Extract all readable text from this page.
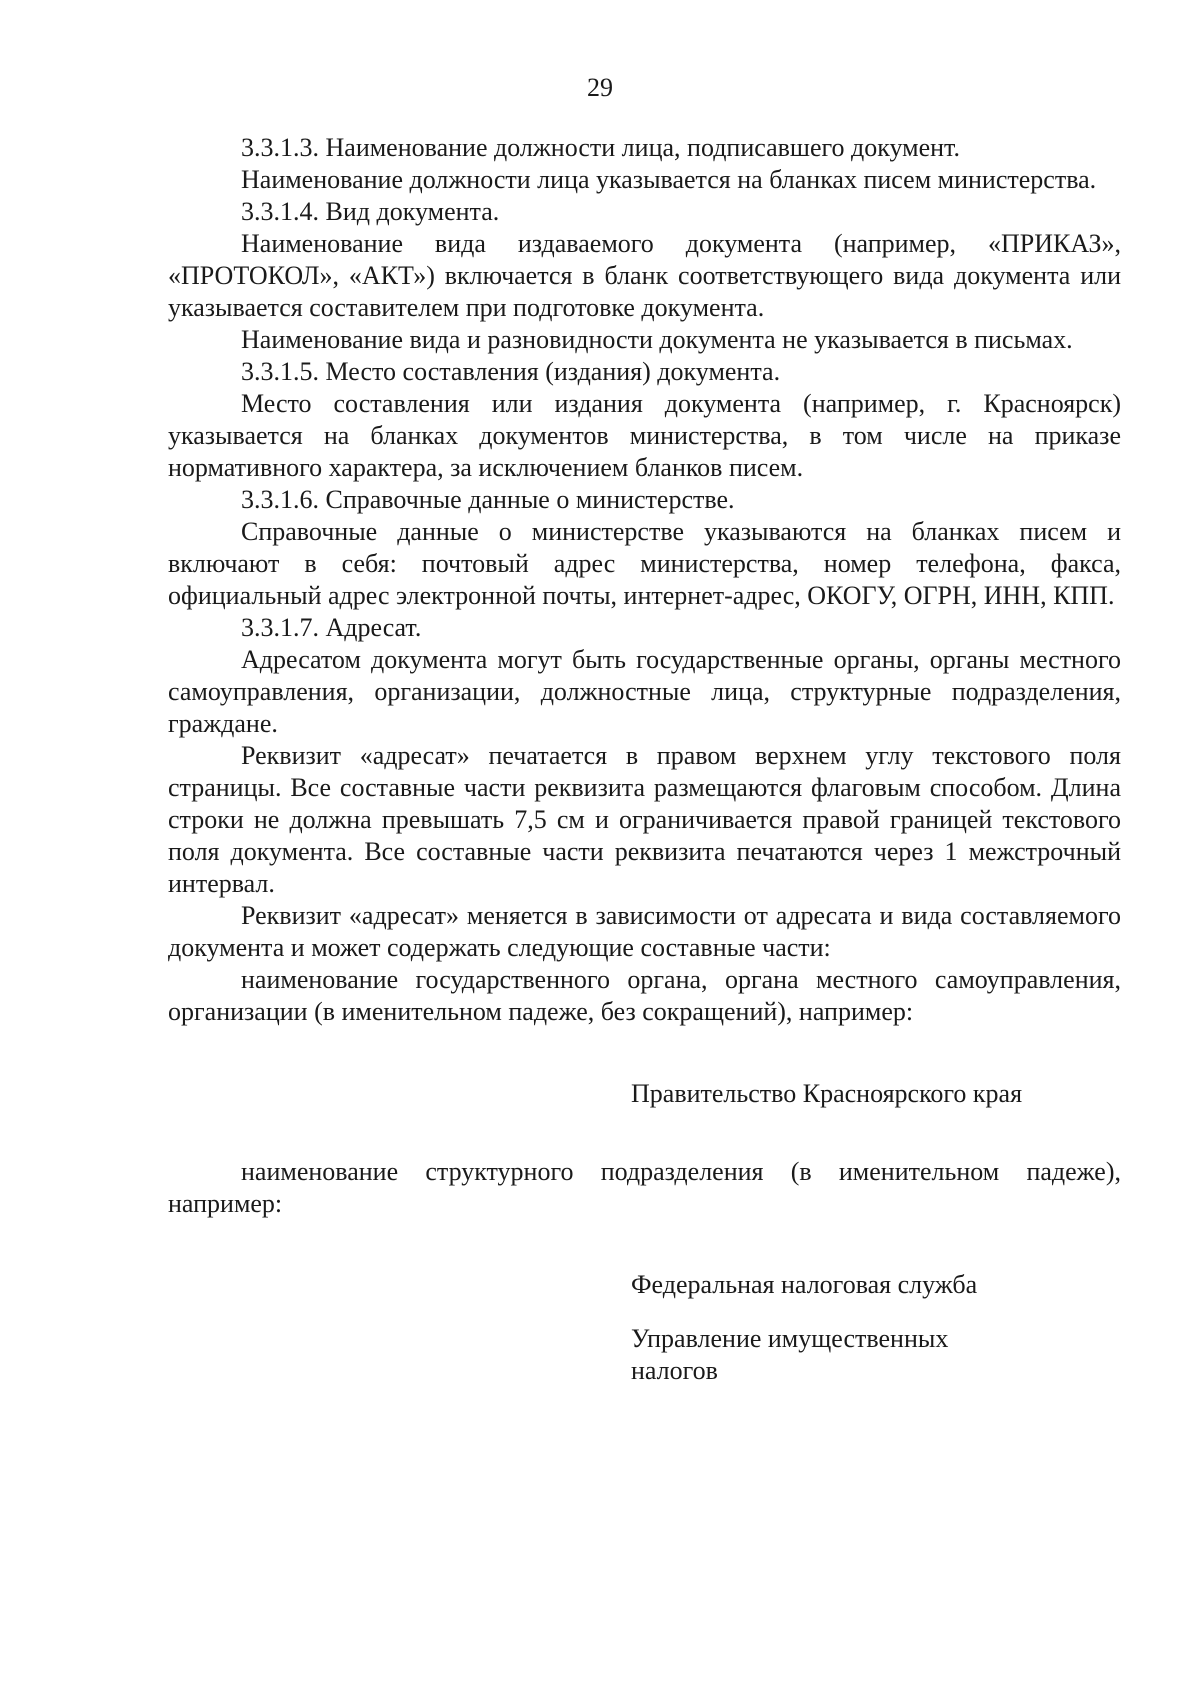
29

3.3.1.3. Наименование должности лица, подписавшего документ.

Наименование должности лица указывается на бланках писем министерства.

3.3.1.4. Вид документа.

Наименование вида издаваемого документа (например, «ПРИКАЗ», «ПРОТОКОЛ», «АКТ») включается в бланк соответствующего вида документа или указывается составителем при подготовке документа.

Наименование вида и разновидности документа не указывается в письмах.

3.3.1.5. Место составления (издания) документа.

Место составления или издания документа (например, г. Красноярск) указывается на бланках документов министерства, в том числе на приказе нормативного характера, за исключением бланков писем.

3.3.1.6. Справочные данные о министерстве.

Справочные данные о министерстве указываются на бланках писем и включают в себя: почтовый адрес министерства, номер телефона, факса, официальный адрес электронной почты, интернет-адрес, ОКОГУ, ОГРН, ИНН, КПП.

3.3.1.7. Адресат.

Адресатом документа могут быть государственные органы, органы местного самоуправления, организации, должностные лица, структурные подразделения, граждане.

Реквизит «адресат» печатается в правом верхнем углу текстового поля страницы. Все составные части реквизита размещаются флаговым способом. Длина строки не должна превышать 7,5 см и ограничивается правой границей текстового поля документа. Все составные части реквизита печатаются через 1 межстрочный интервал.

Реквизит «адресат» меняется в зависимости от адресата и вида составляемого документа и может содержать следующие составные части:

наименование государственного органа, органа местного самоуправления, организации (в именительном падеже, без сокращений), например:

Правительство Красноярского края

наименование структурного подразделения (в именительном падеже), например:

Федеральная налоговая служба
Управление имущественных
налогов
